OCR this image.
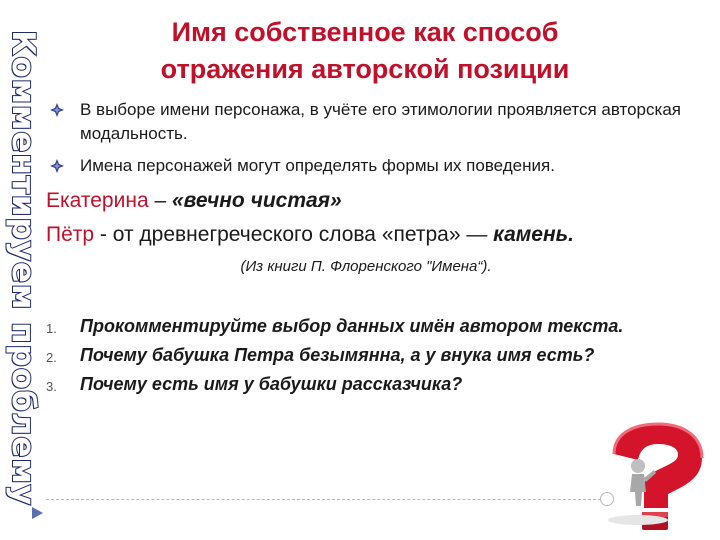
Комментируем проблему	Имя собственное как способ отражения авторской позиции
В выборе имени персонажа, в учёте его этимологии проявляется авторская модальность.
Имена персонажей могут определять формы их поведения.
Екатерина – «вечно чистая»
Пётр - от древнегреческого слова «петра» — камень.
(Из книги П. Флоренского "Имена“).
1. Прокомментируйте выбор данных имён автором текста.
2. Почему бабушка Петра безымянна, а у внука имя есть?
3. Почему есть имя у бабушки рассказчика?
